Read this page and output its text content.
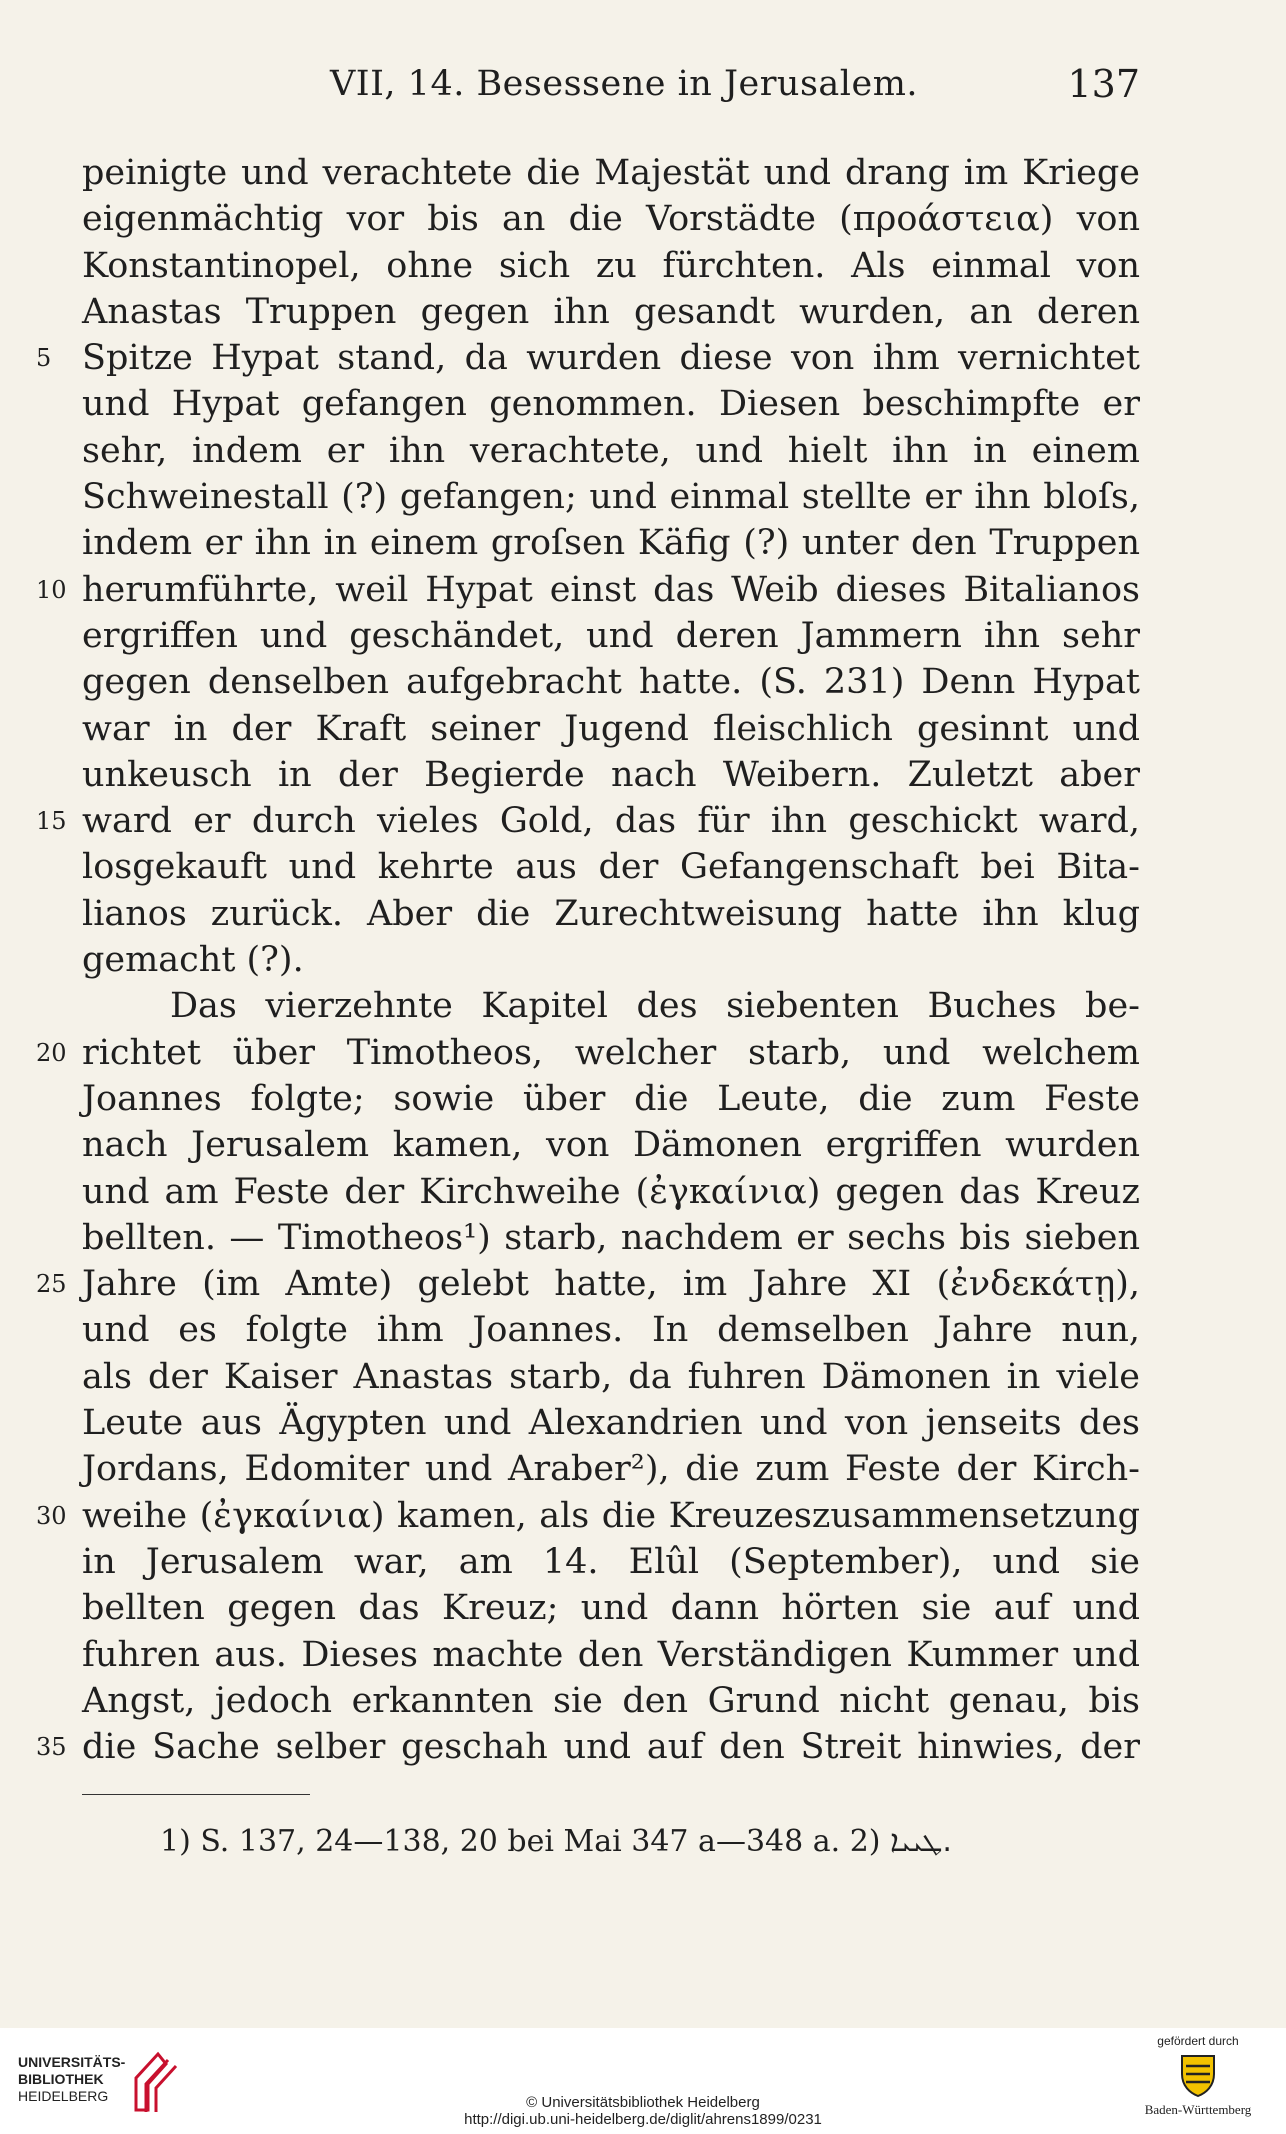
VII, 14. Besessene in Jerusalem.	137
peinigte und verachtete die Majestät und drang im Kriege
eigenmächtig vor bis an die Vorstädte (προάστεια) von
Konstantinopel, ohne sich zu fürchten. Als einmal von
Anastas Truppen gegen ihn gesandt wurden, an deren
5 Spitze Hypat stand, da wurden diese von ihm vernichtet
und Hypat gefangen genommen. Diesen beschimpfte er
sehr, indem er ihn verachtete, und hielt ihn in einem
Schweinestall (?) gefangen; und einmal stellte er ihn bloſs,
indem er ihn in einem groſsen Käfig (?) unter den Truppen
10 herumführte, weil Hypat einst das Weib dieses Bitalianos
ergriffen und geschändet, und deren Jammern ihn sehr
gegen denselben aufgebracht hatte. (S. 231) Denn Hypat
war in der Kraft seiner Jugend fleischlich gesinnt und
unkeusch in der Begierde nach Weibern. Zuletzt aber
15 ward er durch vieles Gold, das für ihn geschickt ward,
losgekauft und kehrte aus der Gefangenschaft bei Bita-
lianos zurück. Aber die Zurechtweisung hatte ihn klug
gemacht (?).
Das vierzehnte Kapitel des siebenten Buches be-
20 richtet über Timotheos, welcher starb, und welchem
Joannes folgte; sowie über die Leute, die zum Feste
nach Jerusalem kamen, von Dämonen ergriffen wurden
und am Feste der Kirchweihe (ἐγκαίνια) gegen das Kreuz
bellten. — Timotheos¹) starb, nachdem er sechs bis sieben
25 Jahre (im Amte) gelebt hatte, im Jahre XI (ἐνδεκάτῃ),
und es folgte ihm Joannes. In demselben Jahre nun,
als der Kaiser Anastas starb, da fuhren Dämonen in viele
Leute aus Ägypten und Alexandrien und von jenseits des
Jordans, Edomiter und Araber²), die zum Feste der Kirch-
30 weihe (ἐγκαίνια) kamen, als die Kreuzeszusammensetzung
in Jerusalem war, am 14. Elûl (September), und sie
bellten gegen das Kreuz; und dann hörten sie auf und
fuhren aus. Dieses machte den Verständigen Kummer und
Angst, jedoch erkannten sie den Grund nicht genau, bis
35 die Sache selber geschah und auf den Streit hinwies, der
1) S. 137, 24—138, 20 bei Mai 347 a—348 a. 2) ܛܝܝܐ.
UNIVERSITÄTS-
BIBLIOTHEK
HEIDELBERG	© Universitätsbibliothek Heidelberg
http://digi.ub.uni-heidelberg.de/diglit/ahrens1899/0231
gefördert durch
Baden-Württemberg
